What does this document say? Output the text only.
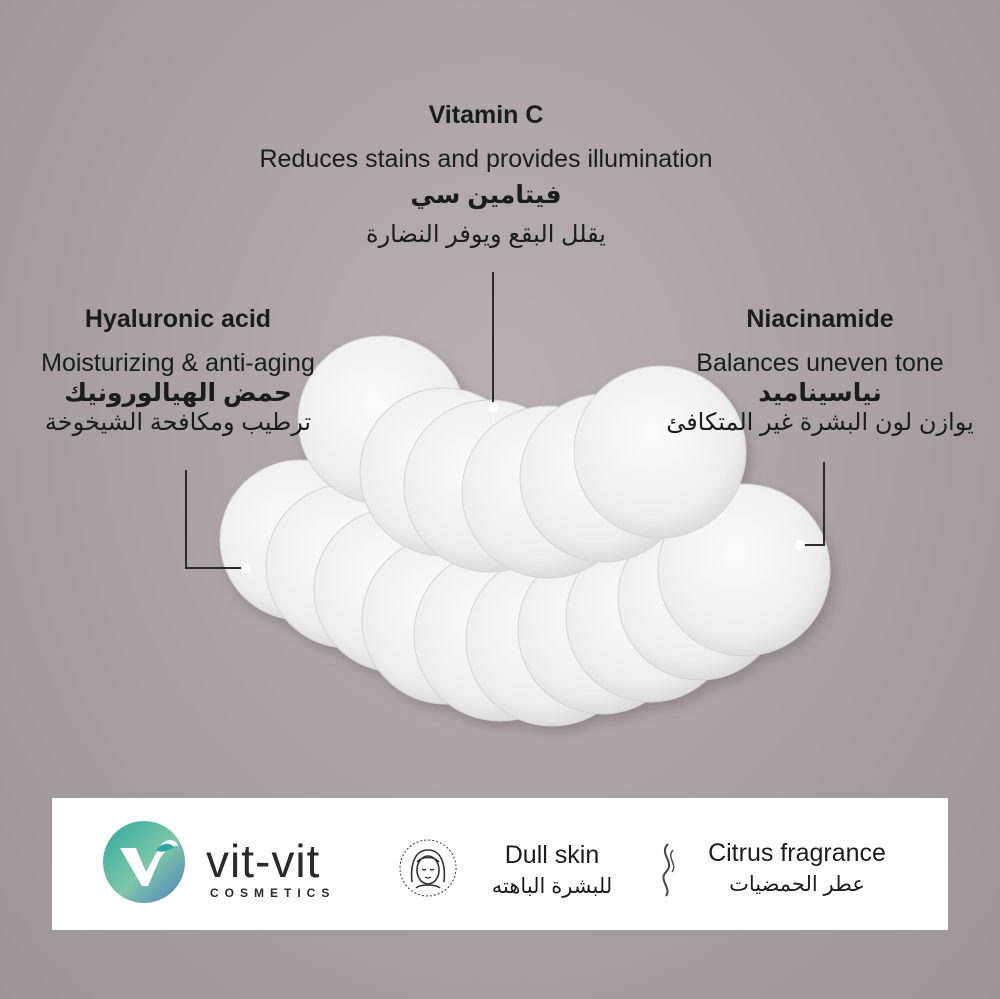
Vitamin C
Reduces stains and provides illumination
فيتامين سي
يقلل البقع ويوفر النضارة
Hyaluronic acid
Moisturizing & anti-aging
حمض الهيالورونيك
ترطيب ومكافحة الشيخوخة
Niacinamide
Balances uneven tone
نياسيناميد
يوازن لون البشرة غير المتكافئ
vit-vit
COSMETICS
Dull skin
للبشرة الباهته
Citrus fragrance
عطر الحمضيات
